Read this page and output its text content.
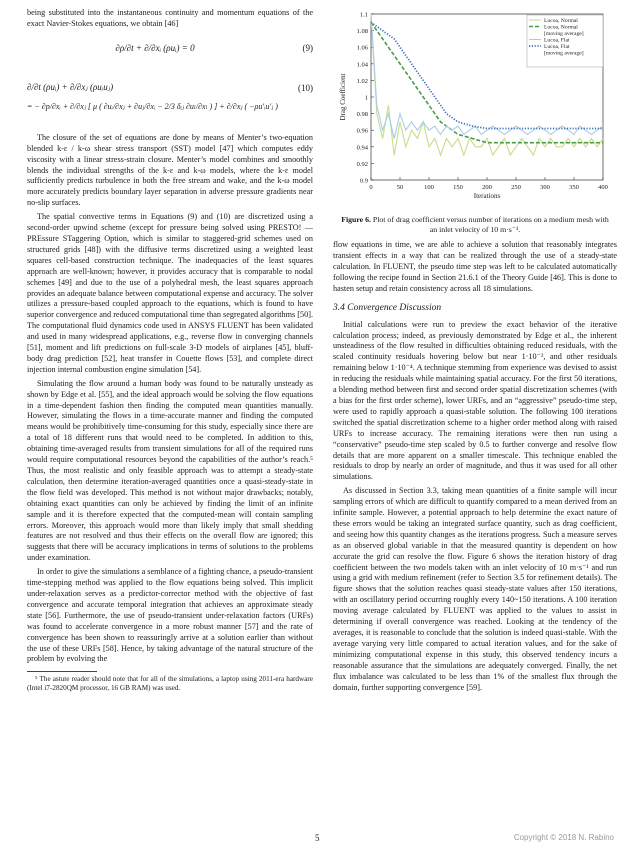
being substituted into the instantaneous continuity and momentum equations of the exact Navier-Stokes equations, we obtain [46]

∂ρ/∂t + ∂/∂xᵢ (ρuᵢ) = 0	(9)
∂/∂t (ρuᵢ) + ∂/∂xⱼ (ρuᵢuⱼ)
= − ∂p/∂xᵢ + ∂/∂xⱼ [ μ ( ∂uᵢ/∂xⱼ + ∂uⱼ/∂xᵢ − 2/3 δᵢⱼ ∂uₗ/∂xₗ ) ] + ∂/∂xⱼ ( −ρu′ᵢu′ⱼ )
(10)

The closure of the set of equations are done by means of Menter’s two-equation blended k-ε / k-ω shear stress transport (SST) model [47] which computes eddy viscosity with a linear stress-strain closure. Menter’s model combines and smoothly blends the individual strengths of the k-ε and k-ω models, where the k-ε model sufficiently predicts turbulence in both the free stream and wake, and the k-ω model more accurately predicts boundary layer separation in adverse pressure gradients near no-slip surfaces.

The spatial convective terms in Equations (9) and (10) are discretized using a second-order upwind scheme (except for pressure being solved using PRESTO! — PREssure STaggering Option, which is similar to staggered-grid schemes used on structured grids [48]) with the diffusive terms discretized using a weighted least squares cell-based construction technique. The inadequacies of the least squares approach are well-known; however, it provides accuracy that is comparable to nodal schemes [49] and due to the use of a polyhedral mesh, the least squares approach provides an adequate balance between computational expense and accuracy. The solver utilizes a pressure-based coupled approach to the equations, which is found to have superior convergence and reduced computational time than segregated algorithms [50]. The computational fluid dynamics code used in ANSYS FLUENT has been validated and used in many widespread applications, e.g., reverse flow in converging channels [51], moment and lift predictions on full-scale 3-D models of airplanes [45], bluff-body drag prediction [52], heat transfer in Couette flows [53], and complete direct injection internal combustion engine simulation [54].

Simulating the flow around a human body was found to be naturally unsteady as shown by Edge et al. [55], and the ideal approach would be solving the flow equations in a time-dependent fashion then finding the computed mean quantities manually. However, simulating the flows in a time-accurate manner and finding the computed means would be prohibitively time-consuming for this study, especially since there are a total of 18 different runs that would need to be completed. In addition to this, obtaining time-averaged results from transient simulations for all of the required runs would require computational resources beyond the capabilities of the author’s reach.⁵ Thus, the most realistic and only feasible approach was to attempt a steady-state calculation, then determine iteration-averaged quantities once a quasi-steady-state in the flow field was developed. This method is not without major drawbacks; notably, obtaining exact quantities can only be achieved by finding the limit of an infinite sample and it is therefore expected that the computed-mean will contain sampling errors. Moreover, this approach would more than likely imply that small shedding features are not resolved and thus their effects on the overall flow are ignored; this suggests that there will be accuracy implications in terms of solutions to the problems under examination.

In order to give the simulations a semblance of a fighting chance, a pseudo-transient time-stepping method was applied to the flow equations being solved. This implicit under-relaxation serves as a predictor-corrector method with the objective of fast convergence and accurate temporal integration that achieves an approximate steady state [56]. Furthermore, the use of pseudo-transient under-relaxation factors (URFs) was found to accelerate convergence in a more robust manner [57] and the rate of convergence has been shown to reassuringly arrive at a solution earlier than without the use of these URFs [58]. Hence, by taking advantage of the natural structure of the problem by evolving the

⁵ The astute reader should note that for all of the simulations, a laptop using 2011-era hardware (Intel i7-2820QM processor, 16 GB RAM) was used.
0.9
0.92
0.94
0.96
0.98
1
1.02
1.04
1.06
1.08
1.1
0	50	100	150	200	250	300	350	400
Iterations
Drag Coefficient
Lucoa, Normal
Lucoa, Normal
[moving average]
Lucoa, Flat
Lucoa, Flat
[moving average]
Figure 6. Plot of drag coefficient versus number of iterations on a medium mesh with an inlet velocity of 10 m·s⁻¹.

flow equations in time, we are able to achieve a solution that reasonably integrates transient effects in a way that can be realized through the use of a steady-state calculation. In FLUENT, the pseudo time step was left to be calculated automatically following the recipe found in Section 21.6.1 of the Theory Guide [46]. This is done to hasten setup and retain consistency across all 18 simulations.

3.4 Convergence Discussion

Initial calculations were run to preview the exact behavior of the iterative calculation process; indeed, as previously demonstrated by Edge et al., the inherent unsteadiness of the flow resulted in difficulties obtaining reduced residuals, with the scaled continuity residuals hovering below but near 1·10⁻², and other residuals remaining below 1·10⁻⁴. A technique stemming from experience was devised to assist in reducing the residuals while maintaining spatial accuracy. For the first 50 iterations, a blending method between first and second order spatial discretization schemes (with a bias for the first order scheme), lower URFs, and an “aggressive” pseudo-time step, were used to rapidly approach a quasi-stable solution. The following 100 iterations switched the spatial discretization scheme to a higher order method along with raised URFs to increase accuracy. The remaining iterations were then run using a “conservative” pseudo-time step scaled by 0.5 to further converge and resolve flow details that are more apparent on a smaller timescale. This technique enabled the residuals to drop by nearly an order of magnitude, and thus it was used for all other simulations.

As discussed in Section 3.3, taking mean quantities of a finite sample will incur sampling errors of which are difficult to quantify compared to a mean derived from an infinite sample. However, a potential approach to help determine the exact nature of these errors would be taking an integrated surface quantity, such as drag coefficient, and seeing how this quantity changes as the iterations progress. Such a measure serves as an observed global variable in that the measured quantity is dependent on how accurate the grid can resolve the flow. Figure 6 shows the iteration history of drag coefficient between the two models taken with an inlet velocity of 10 m·s⁻¹ and run using a grid with medium refinement (refer to Section 3.5 for refinement details). The figure shows that the solution reaches quasi steady-state values after 150 iterations, with an oscillatory period occurring roughly every 140~150 iterations. A 100 iteration moving average calculated by FLUENT was applied to the values to assist in determining if overall convergence was reached. Looking at the tendency of the averages, it is reasonable to conclude that the solution is indeed quasi-stable. With the average varying very little compared to actual iteration values, and for the sake of minimizing computational expense in this study, this observed tendency incurs a reasonable assurance that the simulations are adequately converged. Finally, the net flux imbalance was calculated to be less than 1% of the smallest flux through the domain, further supporting convergence [59].

5	Copyright © 2018 N. Rabino
